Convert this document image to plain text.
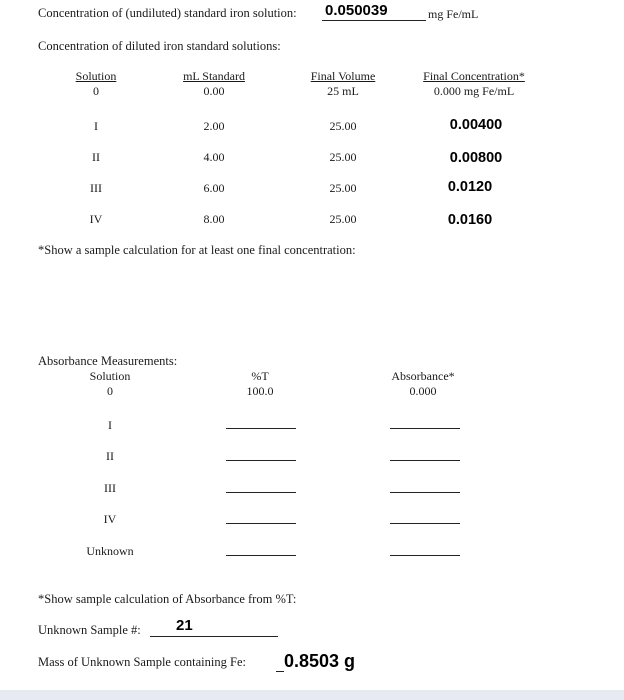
Concentration of (undiluted) standard iron solution: 0.050039	mg Fe/mL
Concentration of diluted iron standard solutions:
Solution	mL Standard	Final Volume	Final Concentration*
0	0.00	25 mL	0.000 mg Fe/mL
I	2.00	25.00	0.00400
II	4.00	25.00	0.00800
III	6.00	25.00	0.0120
IV	8.00	25.00	0.0160
*Show a sample calculation for at least one final concentration:
Absorbance Measurements:
Solution	%T	Absorbance*
0	100.0	0.000
I
II
III
IV
Unknown
*Show sample calculation of Absorbance from %T:
Unknown Sample #: 21
Mass of Unknown Sample containing Fe: 0.8503 g
